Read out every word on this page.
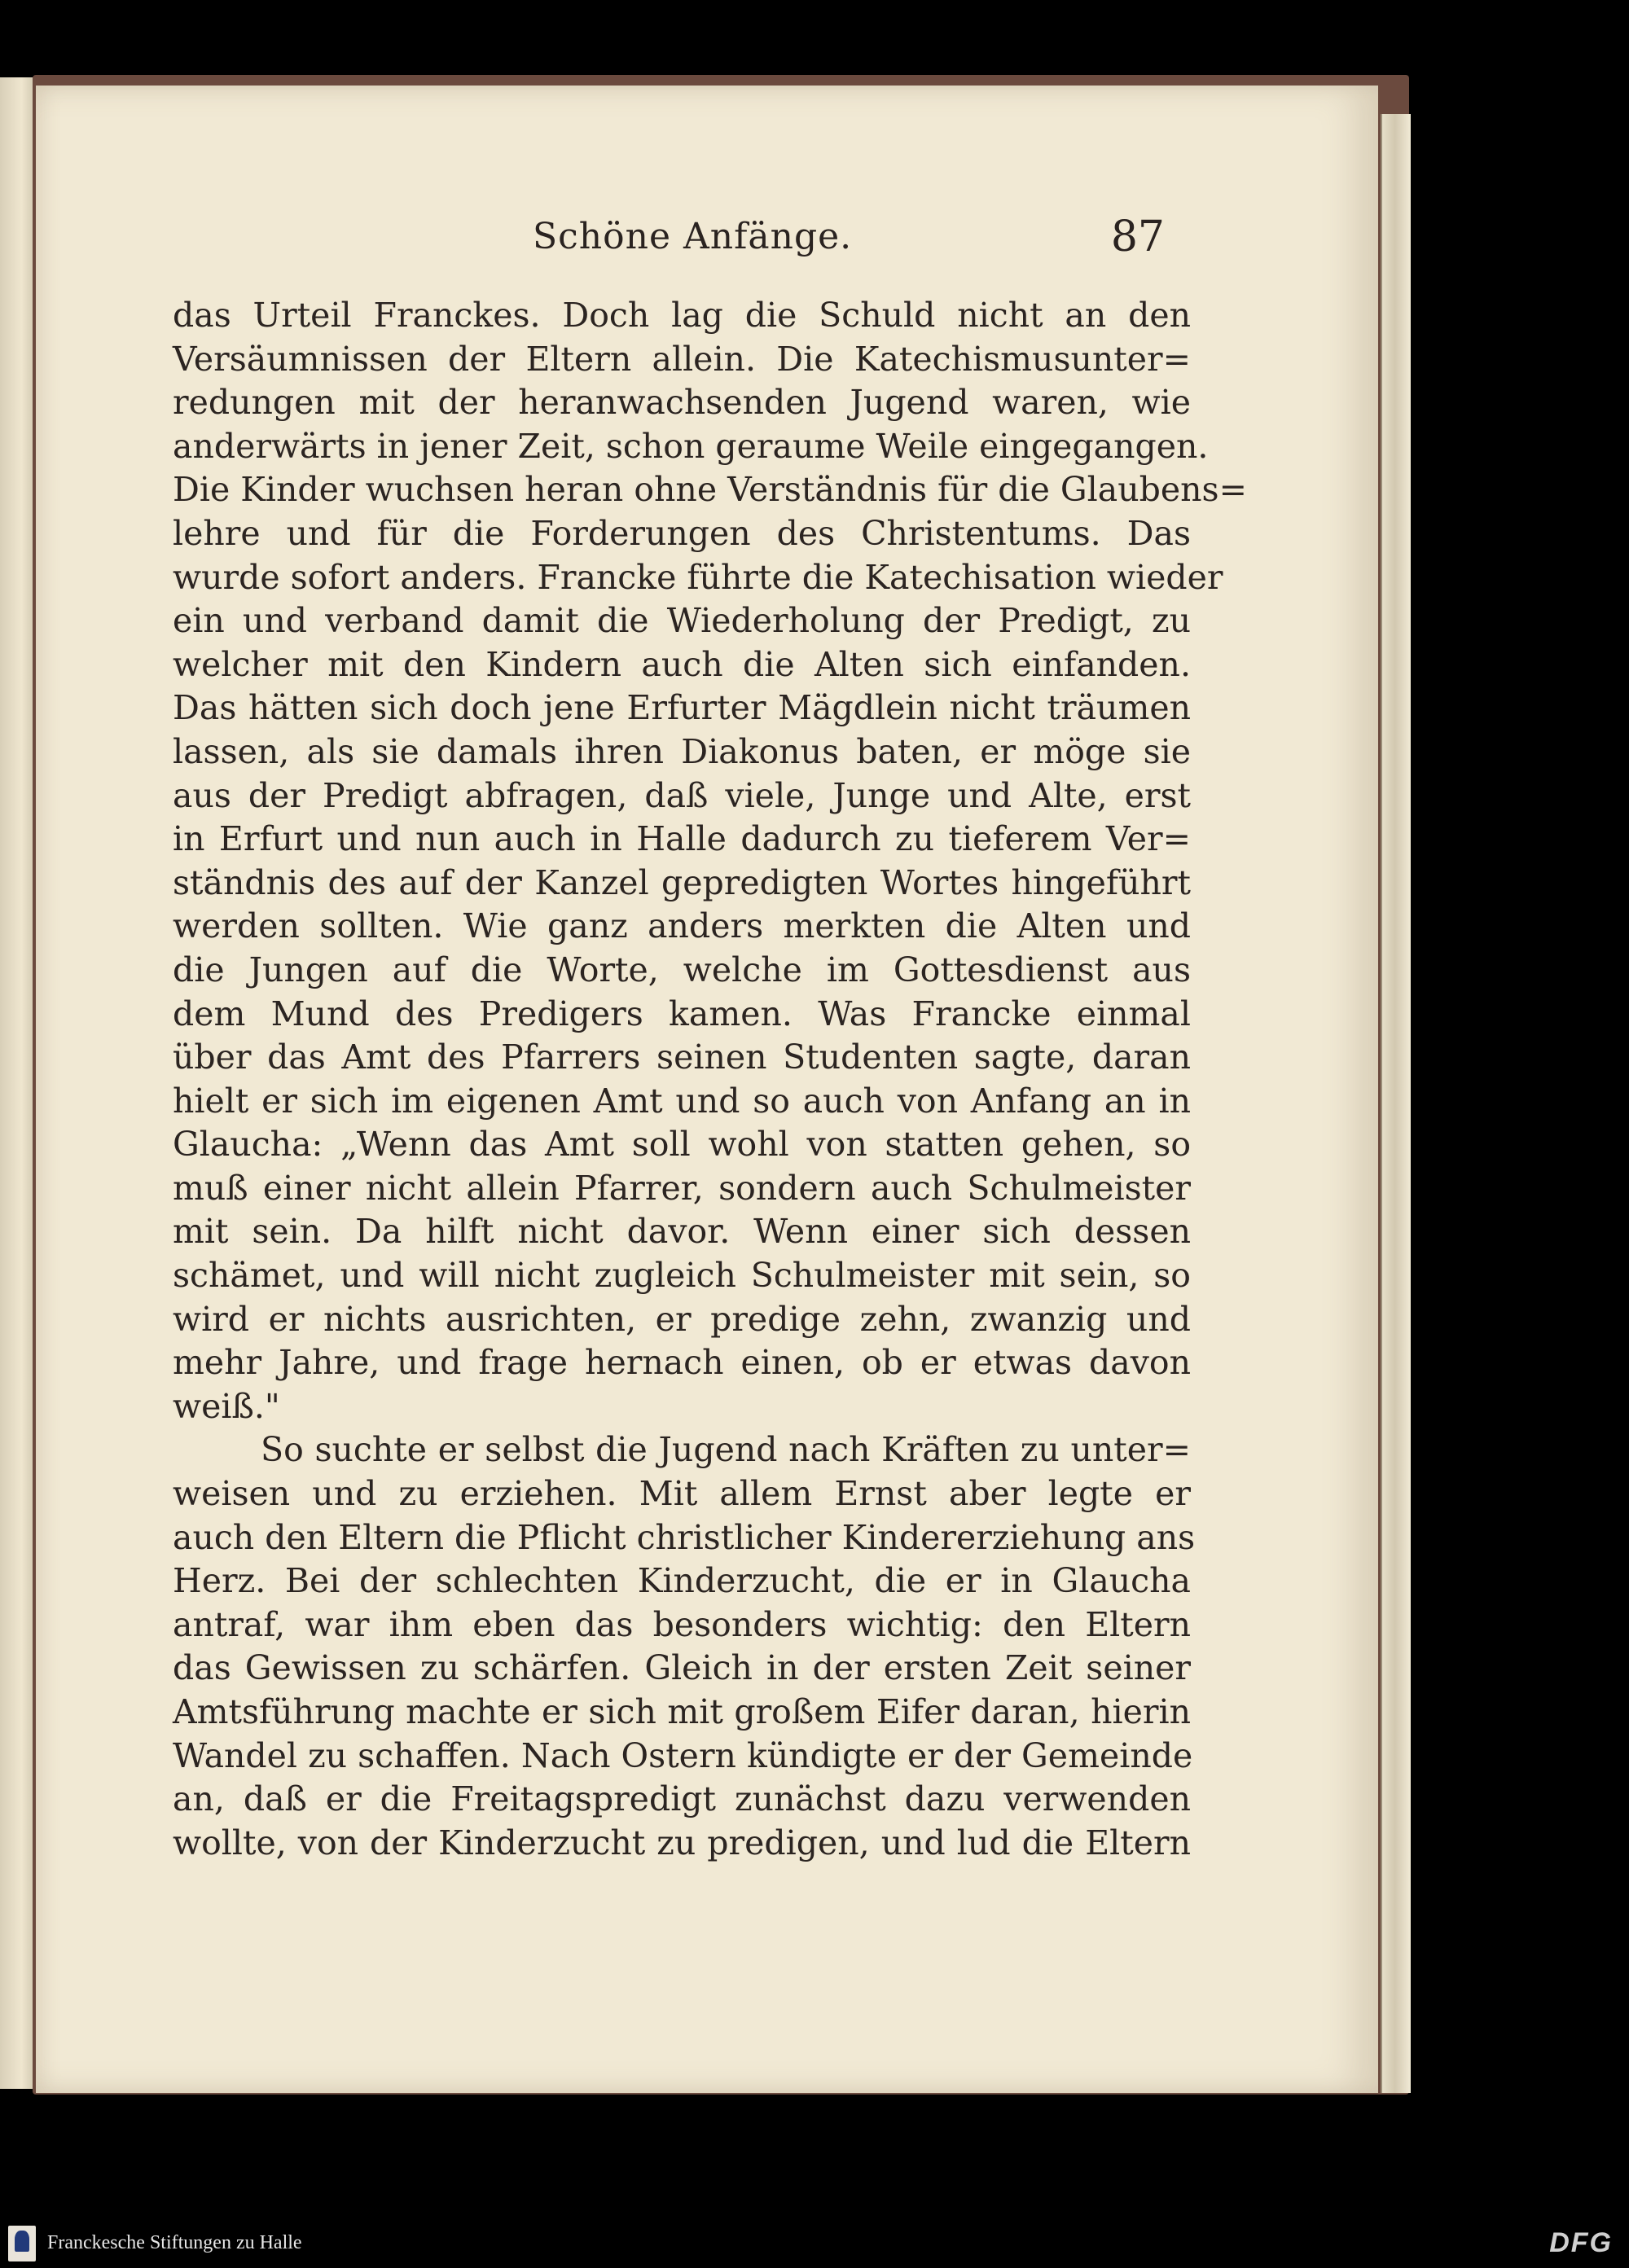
Schöne Anfänge.	87
das Urteil Franckes. Doch lag die Schuld nicht an den
Versäumnissen der Eltern allein. Die Katechismusunter=
redungen mit der heranwachsenden Jugend waren, wie
anderwärts in jener Zeit, schon geraume Weile eingegangen.
Die Kinder wuchsen heran ohne Verständnis für die Glaubens=
lehre und für die Forderungen des Christentums. Das
wurde sofort anders. Francke führte die Katechisation wieder
ein und verband damit die Wiederholung der Predigt, zu
welcher mit den Kindern auch die Alten sich einfanden.
Das hätten sich doch jene Erfurter Mägdlein nicht träumen
lassen, als sie damals ihren Diakonus baten, er möge sie
aus der Predigt abfragen, daß viele, Junge und Alte, erst
in Erfurt und nun auch in Halle dadurch zu tieferem Ver=
ständnis des auf der Kanzel gepredigten Wortes hingeführt
werden sollten. Wie ganz anders merkten die Alten und
die Jungen auf die Worte, welche im Gottesdienst aus
dem Mund des Predigers kamen. Was Francke einmal
über das Amt des Pfarrers seinen Studenten sagte, daran
hielt er sich im eigenen Amt und so auch von Anfang an in
Glaucha: „Wenn das Amt soll wohl von statten gehen, so
muß einer nicht allein Pfarrer, sondern auch Schulmeister
mit sein. Da hilft nicht davor. Wenn einer sich dessen
schämet, und will nicht zugleich Schulmeister mit sein, so
wird er nichts ausrichten, er predige zehn, zwanzig und
mehr Jahre, und frage hernach einen, ob er etwas davon
weiß."
So suchte er selbst die Jugend nach Kräften zu unter=
weisen und zu erziehen. Mit allem Ernst aber legte er
auch den Eltern die Pflicht christlicher Kindererziehung ans
Herz. Bei der schlechten Kinderzucht, die er in Glaucha
antraf, war ihm eben das besonders wichtig: den Eltern
das Gewissen zu schärfen. Gleich in der ersten Zeit seiner
Amtsführung machte er sich mit großem Eifer daran, hierin
Wandel zu schaffen. Nach Ostern kündigte er der Gemeinde
an, daß er die Freitagspredigt zunächst dazu verwenden
wollte, von der Kinderzucht zu predigen, und lud die Eltern
Franckesche Stiftungen zu Halle	DFG
